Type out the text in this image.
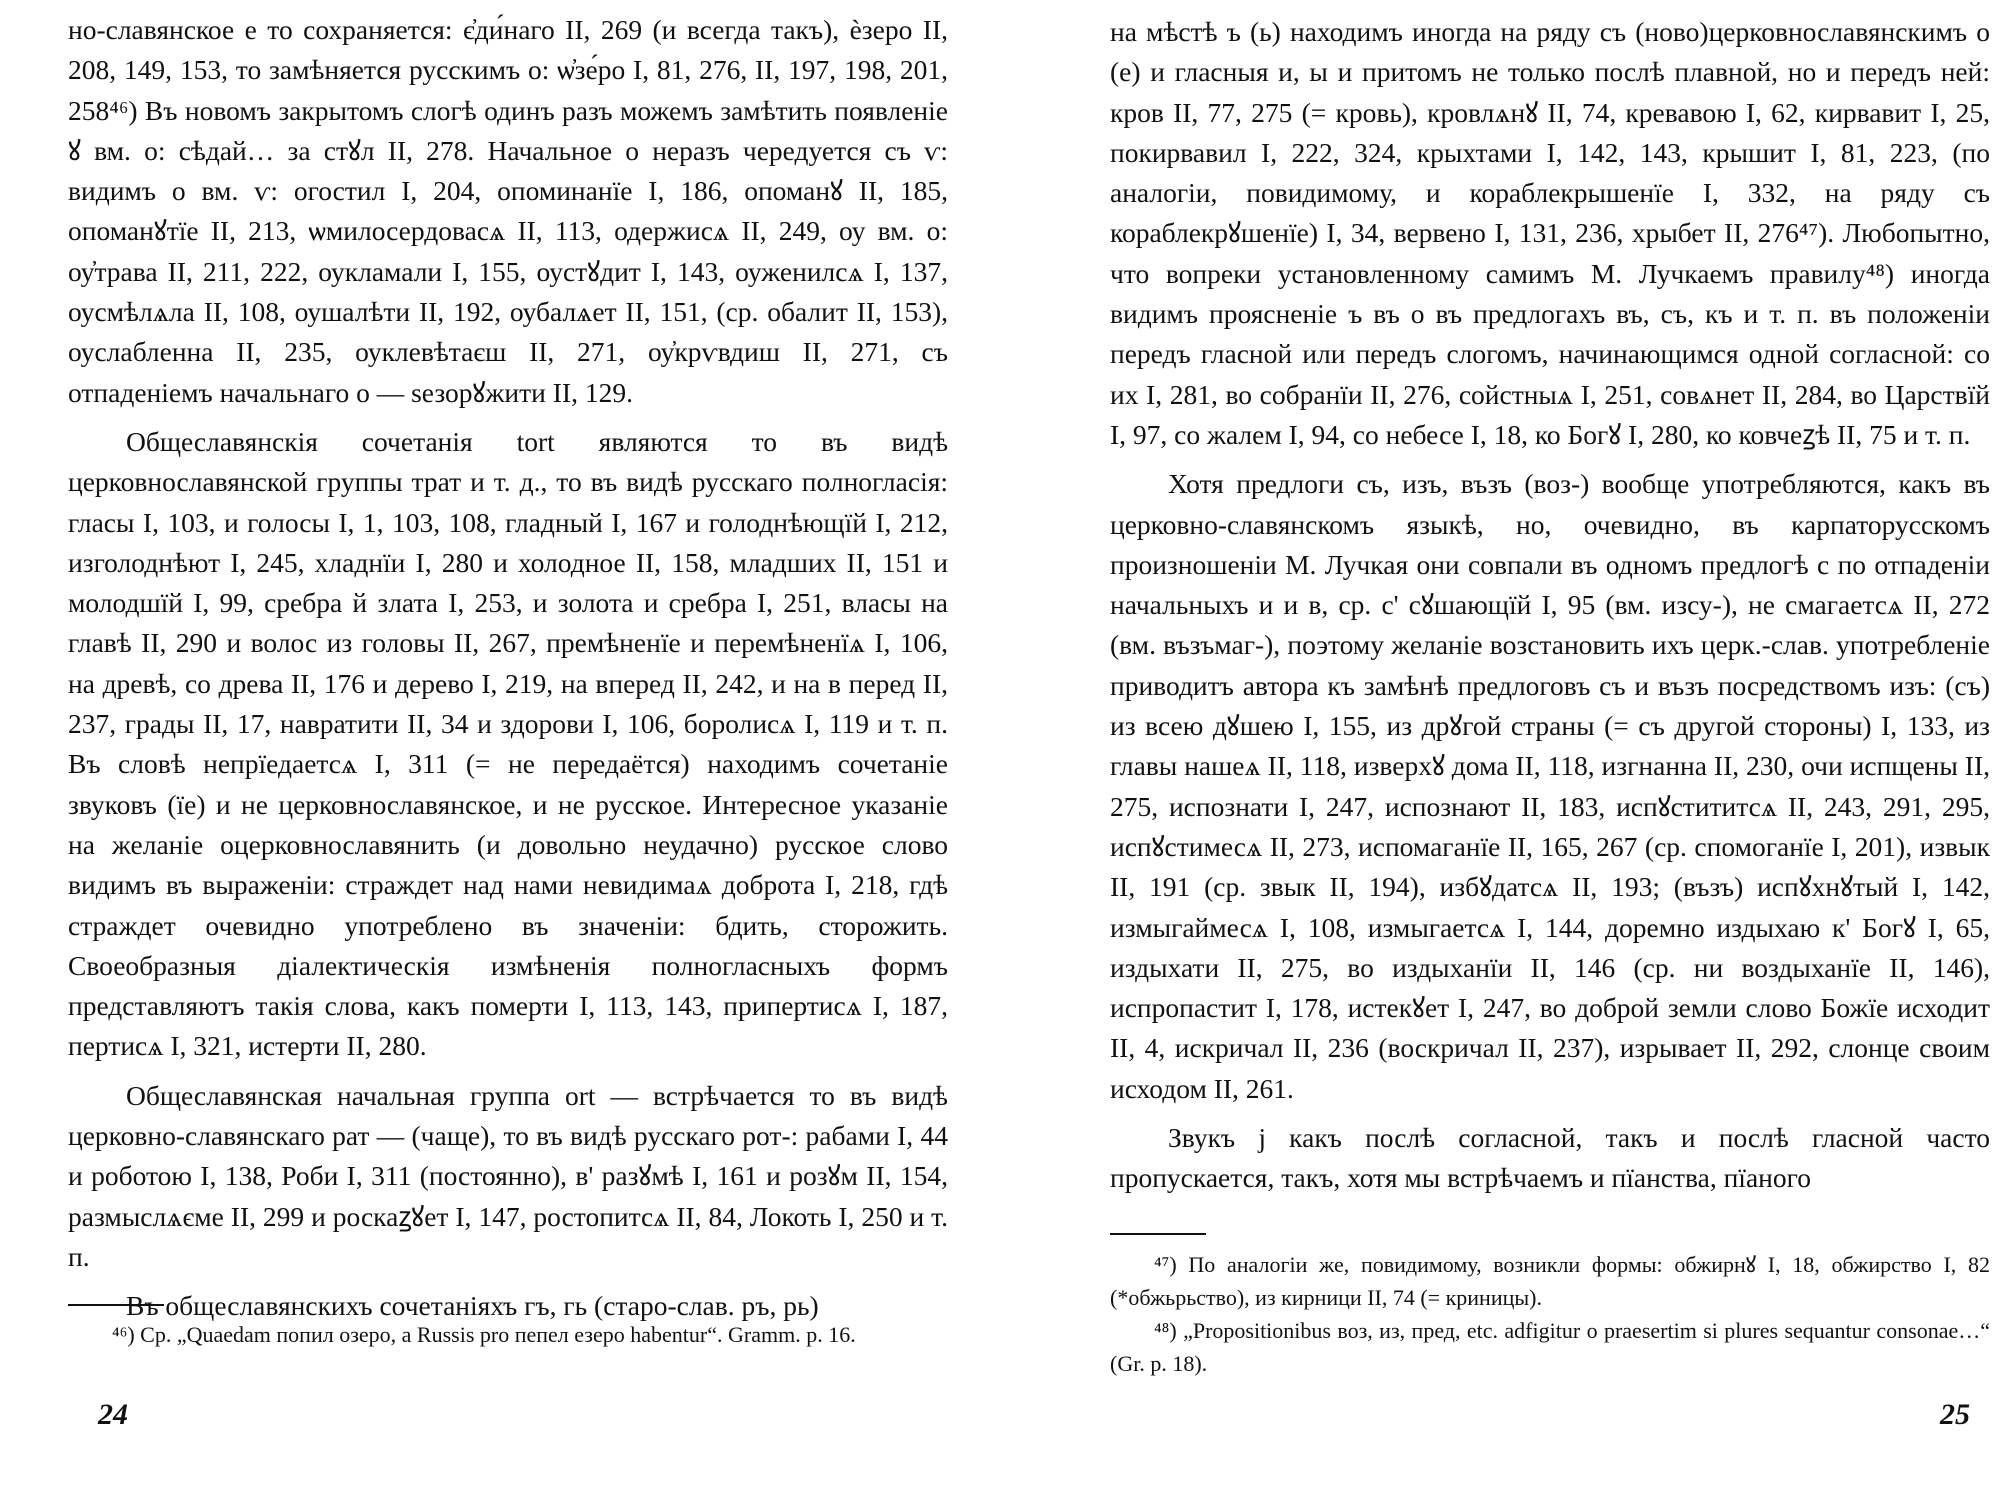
но-славянское е то сохраняется: є҆ди́наго II, 269 (и всегда такъ), ѐзеро II, 208, 149, 153, то замѣняется русскимъ о: ѡ҆зе́ро I, 81, 276, II, 197, 198, 201, 258⁴⁶) Въ новомъ закрытомъ слогѣ одинъ разъ можемъ замѣтить появленіе ꙋ вм. о: сѣдай… за стꙋл II, 278. Начальное о неразъ чередуется съ ѵ: видимъ о вм. ѵ: огостил I, 204, опоминанїе I, 186, опоманꙋ II, 185, опоманꙋтїе II, 213, ѡмилосердовасѧ II, 113, одержисѧ II, 249, оу вм. о: оу҆трава II, 211, 222, оукламали I, 155, оустꙋдит I, 143, оуженилсѧ I, 137, оусмѣлѧла II, 108, оушалѣти II, 192, оубалѧет II, 151, (ср. обалит II, 153), оуслабленна II, 235, оуклевѣтаєш II, 271, оу҆крѵвдиш II, 271, съ отпаденіемъ начальнаго о — ѕезорꙋжити II, 129.

Общеславянскія сочетанія tort являются то въ видѣ церковнославянской группы трат и т. д., то въ видѣ русскаго полногласія: гласы I, 103, и голосы I, 1, 103, 108, гладный I, 167 и голоднѣющїй I, 212, изголоднѣют I, 245, хладнїи I, 280 и холодное II, 158, младших II, 151 и молодшїй I, 99, сребра й злата I, 253, и золота и сребра I, 251, власы на главѣ II, 290 и волос из головы II, 267, премѣненїе и перемѣненїѧ I, 106, на древѣ, со древа II, 176 и дерево I, 219, на вперед II, 242, и на в перед II, 237, грады II, 17, навратити II, 34 и здорови I, 106, боролисѧ I, 119 и т. п. Въ словѣ непрїедаетсѧ I, 311 (= не передаётся) находимъ сочетаніе звуковъ (їе) и не церковнославянское, и не русское. Интересное указаніе на желаніе оцерковнославянить (и довольно неудачно) русское слово видимъ въ выраженіи: страждет над нами невидимаѧ доброта I, 218, гдѣ страждет очевидно употреблено въ значеніи: бдить, сторожить. Своеобразныя діалектическія измѣненія полногласныхъ формъ представляютъ такія слова, какъ померти I, 113, 143, припертисѧ I, 187, пертисѧ I, 321, истерти II, 280.

Общеславянская начальная группа ort — встрѣчается то въ видѣ церковно-славянскаго рат — (чаще), то въ видѣ русскаго рот-: рабами I, 44 и роботою I, 138, Роби I, 311 (постоянно), в' разꙋмѣ I, 161 и розꙋм II, 154, размыслѧєме II, 299 и роскаꙁꙋет I, 147, ростопитсѧ II, 84, Локоть I, 250 и т. п.

Въ общеславянскихъ сочетаніяхъ гъ, гь (старо-слав. ръ, рь)

⁴⁶) Ср. „Quaedam попил озеро, a Russis pro пепел езеро habentur“. Gramm. p. 16.

24

на мѣстѣ ъ (ь) находимъ иногда на ряду съ (ново)церковнославянскимъ о (е) и гласныя и, ы и притомъ не только послѣ плавной, но и передъ ней: кров II, 77, 275 (= кровь), кровлѧнꙋ II, 74, кревавою I, 62, кирвавит I, 25, покирвавил I, 222, 324, крыхтами I, 142, 143, крышит I, 81, 223, (по аналогіи, повидимому, и кораблекрышенїе I, 332, на ряду съ кораблекрꙋшенїе) I, 34, вервено I, 131, 236, хрыбет II, 276⁴⁷). Любопытно, что вопреки установленному самимъ М. Лучкаемъ правилу⁴⁸) иногда видимъ проясненіе ъ въ о въ предлогахъ въ, съ, къ и т. п. въ положеніи передъ гласной или передъ слогомъ, начинающимся одной согласной: со их I, 281, во собранїи II, 276, сойстныѧ I, 251, совѧнет II, 284, во Царствїй I, 97, со жалем I, 94, со небесе I, 18, ко Богꙋ I, 280, ко ковчеꙁѣ II, 75 и т. п.

Хотя предлоги съ, изъ, възъ (воз-) вообще употребляются, какъ въ церковно-славянскомъ языкѣ, но, очевидно, въ карпаторусскомъ произношеніи М. Лучкая они совпали въ одномъ предлогѣ с по отпаденіи начальныхъ и и в, ср. с' сꙋшающїй I, 95 (вм. изсу-), не смагаетсѧ II, 272 (вм. възъмаг-), поэтому желаніе возстановить ихъ церк.-слав. употребленіе приводитъ автора къ замѣнѣ предлоговъ съ и възъ посредствомъ изъ: (съ) из всею дꙋшею I, 155, из дрꙋгой страны (= съ другой стороны) I, 133, из главы нашеѧ II, 118, изверхꙋ дома II, 118, изгнанна II, 230, очи испщены II, 275, испознати I, 247, испознают II, 183, испꙋстититсѧ II, 243, 291, 295, испꙋстимесѧ II, 273, испомаганїе II, 165, 267 (ср. спомоганїе I, 201), извык II, 191 (ср. звык II, 194), избꙋдатсѧ II, 193; (възъ) испꙋхнꙋтый I, 142, измыгаймесѧ I, 108, измыгаетсѧ I, 144, доремно издыхаю к' Богꙋ I, 65, издыхати II, 275, во издыханїи II, 146 (ср. ни воздыханїе II, 146), испропастит I, 178, истекꙋет I, 247, во доброй земли слово Божїе исходит II, 4, искричал II, 236 (воскричал II, 237), изрывает II, 292, слонце своим исходом II, 261.

Звукъ j какъ послѣ согласной, такъ и послѣ гласной часто пропускается, такъ, хотя мы встрѣчаемъ и пїанства, пїаного

⁴⁷) По аналогіи же, повидимому, возникли формы: обжирнꙋ I, 18, обжирство I, 82 (*обжьрьство), из кирници II, 74 (= криницы).

⁴⁸) „Propositionibus воз, из, пред, etc. adfigitur о praesertim si plures sequantur consonae…“ (Gr. p. 18).

25
